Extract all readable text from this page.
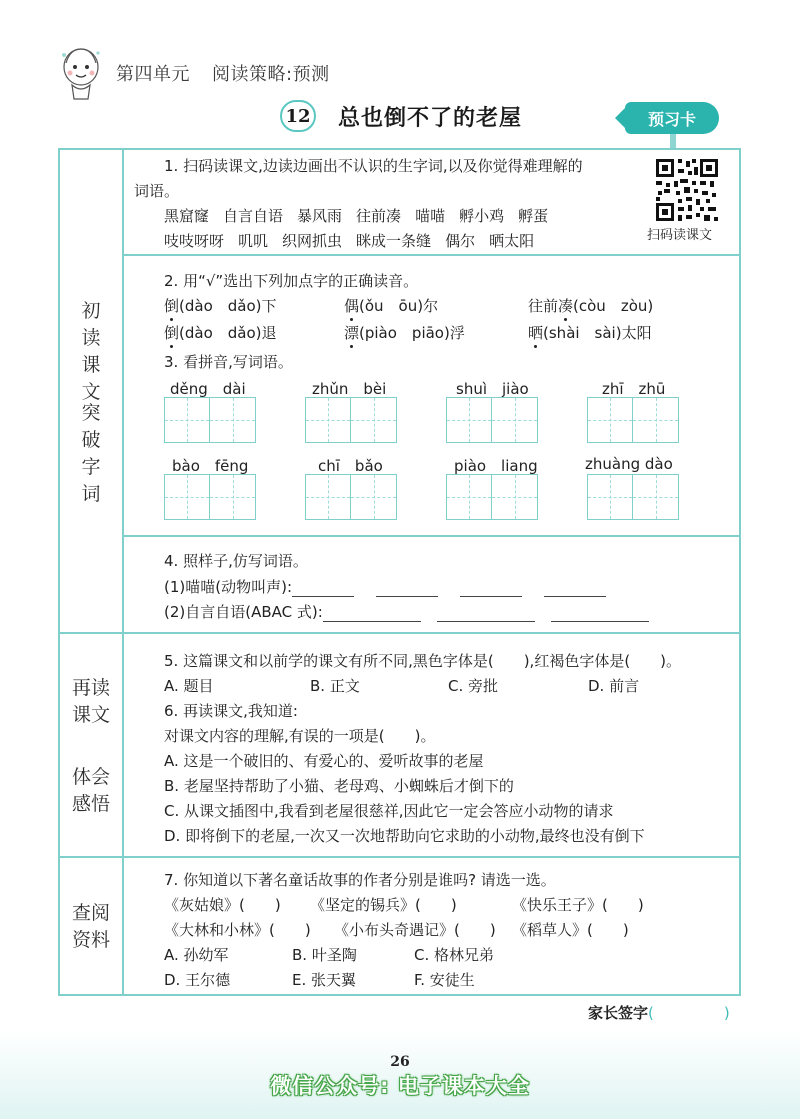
第四单元 阅读策略:预测
12 总也倒不了的老屋	预习卡
初读课文
突破字词
再读课文
体会感悟
查阅资料
1. 扫码读课文,边读边画出不认识的生字词,以及你觉得难理解的
词语。
黑窟窿 自言自语 暴风雨 往前凑 喵喵 孵小鸡 孵蛋
吱吱呀呀 叽叽 织网抓虫 眯成一条缝 偶尔 晒太阳	扫码读课文
2. 用“√”选出下列加点字的正确读音。
倒(dào　dǎo)下	偶(ǒu　ōu)尔	往前凑(còu　zòu)
倒(dào　dǎo)退	漂(piào　piāo)浮	晒(shài　sài)太阳
3. 看拼音,写词语。
děng　dài	zhǔn　bèi	shuì　jiào	zhī　zhū
bào　fēng	chī　bǎo	piào　liang	zhuàng dào
4. 照样子,仿写词语。
(1)喵喵(动物叫声):
(2)自言自语(ABAC 式):
5. 这篇课文和以前学的课文有所不同,黑色字体是(　　),红褐色字体是(　　)。
A. 题目	B. 正文	C. 旁批	D. 前言
6. 再读课文,我知道:
对课文内容的理解,有误的一项是(　　)。
A. 这是一个破旧的、有爱心的、爱听故事的老屋
B. 老屋坚持帮助了小猫、老母鸡、小蜘蛛后才倒下的
C. 从课文插图中,我看到老屋很慈祥,因此它一定会答应小动物的请求
D. 即将倒下的老屋,一次又一次地帮助向它求助的小动物,最终也没有倒下
7. 你知道以下著名童话故事的作者分别是谁吗? 请选一选。
《灰姑娘》(　　) 《坚定的锡兵》(　　)	《快乐王子》(　　)
《大林和小林》(　　) 《小布头奇遇记》(　　) 《稻草人》(　　)
A. 孙幼军	B. 叶圣陶	C. 格林兄弟
D. 王尔德	E. 张天翼	F. 安徒生
家长签字(	)
26
微信公众号: 电子课本大全
